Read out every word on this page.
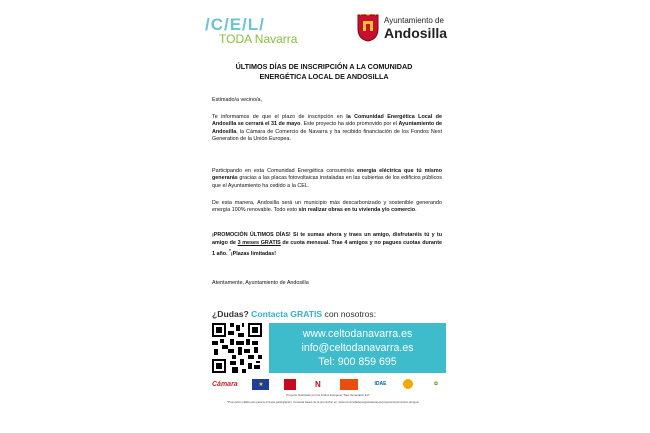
/C/E/L/
TODA Navarra
Ayuntamiento de
Andosilla
ÚLTIMOS DÍAS DE INSCRIPCIÓN A LA COMUNIDAD
ENERGÉTICA LOCAL DE ANDOSILLA
Estimado/a vecino/a,
Te informamos de que el plazo de inscripción en la Comunidad Energética Local de Andosilla se cerrará el 31 de mayo. Este proyecto ha sido promovido por el Ayuntamiento de Andosilla, la Cámara de Comercio de Navarra y ha recibido financiación de los Fondos Next Generation de la Unión Europea.
Participando en esta Comunidad Energética consumirás energía eléctrica que tú mismo generarás gracias a las placas fotovoltaicas instaladas en las cubiertas de los edificios públicos que el Ayuntamiento ha cedido a la CEL.
De esta manera, Andosilla será un municipio más descarbonizado y sostenible generando energía 100% renovable. Todo esto sin realizar obras en tu vivienda y/o comercio.
¡PROMOCIÓN ÚLTIMOS DÍAS! Si te sumas ahora y traes un amigo, disfrutaréis tú y tu amigo de 3 meses GRATIS de cuota mensual. Trae 4 amigos y no pagues cuotas durante 1 año. *¡Plazas limitadas!
Atentamente, Ayuntamiento de Andosilla
¿Dudas? Contacta GRATIS con nosotros:
www.celtodanavarra.es
info@celtodanavarra.es
Tel: 900 859 695
Cámara	★	N	IDAE	✿
Proyecto financiado por los fondos Europeos "Next Generation EU"
*Promoción válida solo para la primera participación. Consulta bases de la promoción en: www.comunidadenergeticalocal.es/proyectos/promocion-amigos/
